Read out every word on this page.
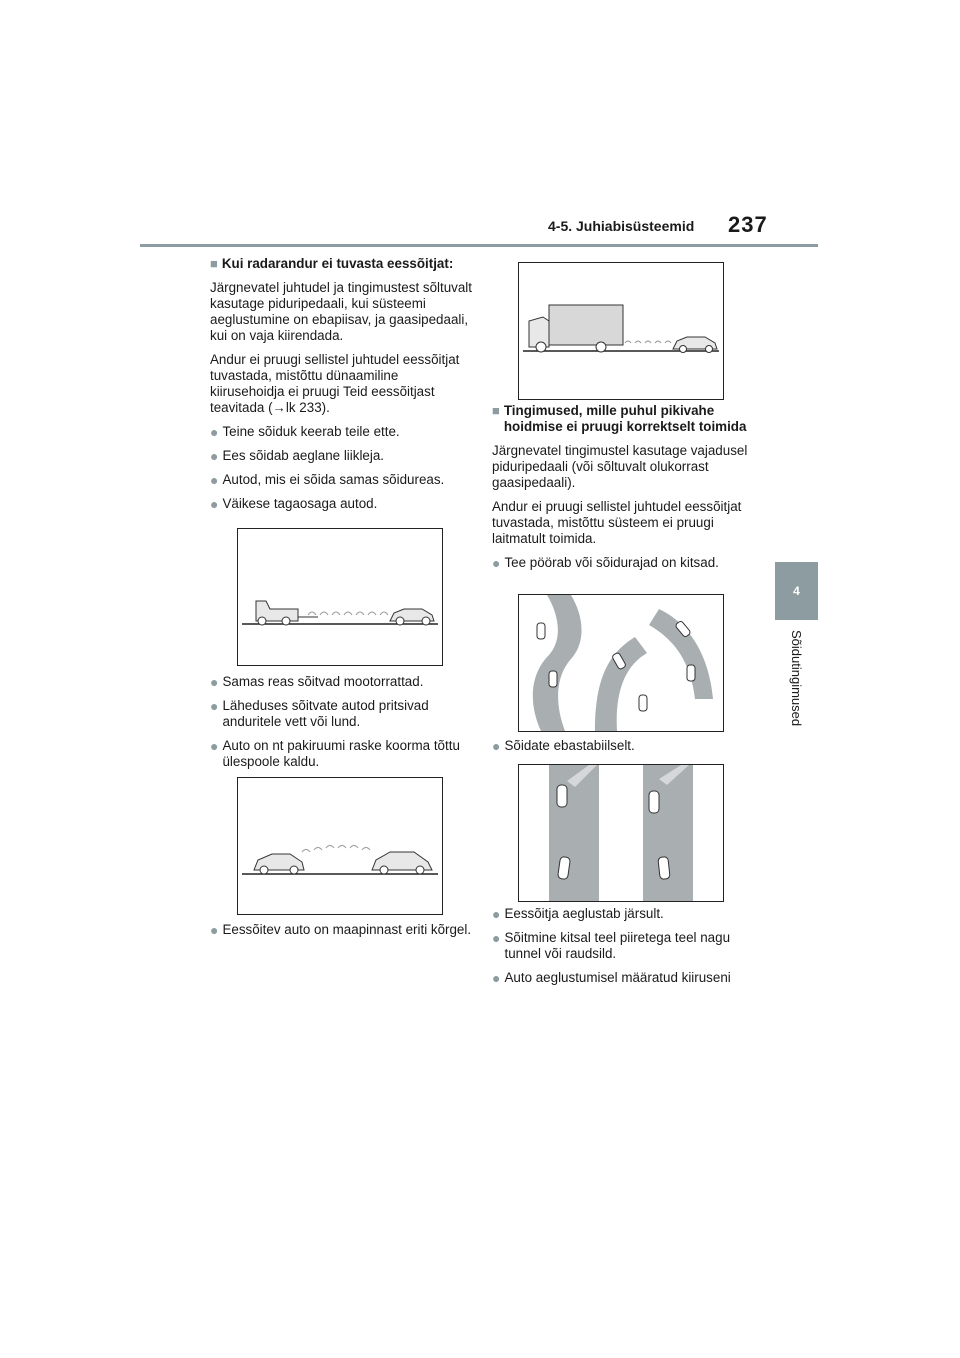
4-5. Juhiabisüsteemid 237
4
Sõidutingimused
■ Kui radarandur ei tuvasta eessõitjat:

Järgnevatel juhtudel ja tingimustest sõltuvalt kasutage piduripedaali, kui süsteemi aeglustumine on ebapiisav, ja gaasipedaali, kui on vaja kiirendada.

Andur ei pruugi sellistel juhtudel eessõitjat tuvastada, mistõttu dünaamiline kiirusehoidja ei pruugi Teid eessõitjast teavitada (→lk 233).

● Teine sõiduk keerab teile ette.
● Ees sõidab aeglane liikleja.
● Autod, mis ei sõida samas sõidureas.
● Väikese tagaosaga autod.
● Samas reas sõitvad mootorrattad.
● Läheduses sõitvate autod pritsivad anduritele vett või lund.
● Auto on nt pakiruumi raske koorma tõttu ülespoole kaldu.
● Eessõitev auto on maapinnast eriti kõrgel.
■ Tingimused, mille puhul pikivahe hoidmise ei pruugi korrektselt toimida

Järgnevatel tingimustel kasutage vajadusel piduripedaali (või sõltuvalt olukorrast gaasipedaali).

Andur ei pruugi sellistel juhtudel eessõitjat tuvastada, mistõttu süsteem ei pruugi laitmatult toimida.

● Tee pöörab või sõidurajad on kitsad.
● Sõidate ebastabiilselt.
● Eessõitja aeglustab järsult.
● Sõitmine kitsal teel piiretega teel nagu tunnel või raudsild.
● Auto aeglustumisel määratud kiiruseni
